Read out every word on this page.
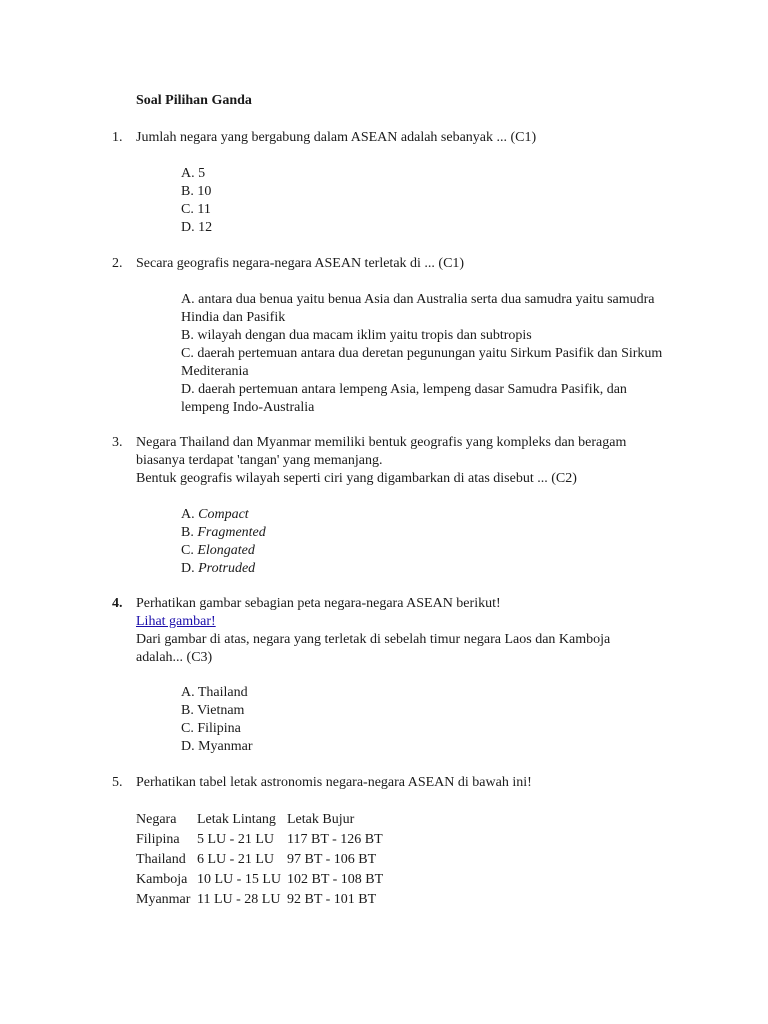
Soal Pilihan Ganda
1. Jumlah negara yang bergabung dalam ASEAN adalah sebanyak ... (C1)
A. 5
B. 10
C. 11
D. 12
2. Secara geografis negara-negara ASEAN terletak di ... (C1)
A. antara dua benua yaitu benua Asia dan Australia serta dua samudra yaitu samudra Hindia dan Pasifik
B. wilayah dengan dua macam iklim yaitu tropis dan subtropis
C. daerah pertemuan antara dua deretan pegunungan yaitu Sirkum Pasifik dan Sirkum Mediterania
D. daerah pertemuan antara lempeng Asia, lempeng dasar Samudra Pasifik, dan lempeng Indo-Australia
3. Negara Thailand dan Myanmar memiliki bentuk geografis yang kompleks dan beragam
biasanya terdapat 'tangan' yang memanjang.
Bentuk geografis wilayah seperti ciri yang digambarkan di atas disebut ... (C2)
A. Compact
B. Fragmented
C. Elongated
D. Protruded
4. Perhatikan gambar sebagian peta negara-negara ASEAN berikut!
Lihat gambar!
Dari gambar di atas, negara yang terletak di sebelah timur negara Laos dan Kamboja
adalah... (C3)
A. Thailand
B. Vietnam
C. Filipina
D. Myanmar
5. Perhatikan tabel letak astronomis negara-negara ASEAN di bawah ini!
Negara	Letak Lintang	Letak Bujur
Filipina	5 LU - 21 LU	117 BT - 126 BT
Thailand	6 LU - 21 LU	97 BT - 106 BT
Kamboja	10 LU - 15 LU	102 BT - 108 BT
Myanmar	11 LU - 28 LU	92 BT - 101 BT
